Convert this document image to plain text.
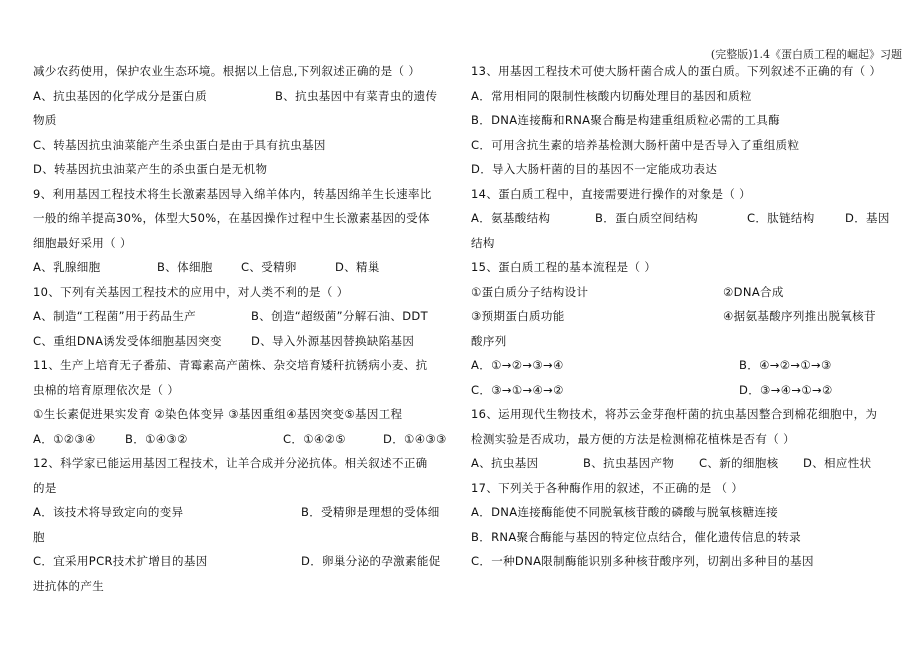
(完整版)1.4《蛋白质工程的崛起》习题
减少农药使用，保护农业生态环境。根据以上信息,下列叙述正确的是（ ）
A、抗虫基因的化学成分是蛋白质	B、抗虫基因中有菜青虫的遗传
物质
C、转基因抗虫油菜能产生杀虫蛋白是由于具有抗虫基因
D、转基因抗虫油菜产生的杀虫蛋白是无机物
9、利用基因工程技术将生长激素基因导入绵羊体内，转基因绵羊生长速率比
一般的绵羊提高30%，体型大50%，在基因操作过程中生长激素基因的受体
细胞最好采用（ ）
A、乳腺细胞	B、体细胞	C、受精卵	D、精巢
10、下列有关基因工程技术的应用中，对人类不利的是（ ）
A、制造“工程菌”用于药品生产	B、创造“超级菌”分解石油、DDT
C、重组DNA诱发受体细胞基因突变	D、导入外源基因替换缺陷基因
11、生产上培育无子番茄、青霉素高产菌株、杂交培育矮秆抗锈病小麦、抗
虫棉的培育原理依次是（ ）
①生长素促进果实发育 ②染色体变异 ③基因重组④基因突变⑤基因工程
A．①②③④	B．①④③②	C．①④②⑤	D．①④③③
12、科学家已能运用基因工程技术，让羊合成并分泌抗体。相关叙述不正确
的是
A．该技术将导致定向的变异	B．受精卵是理想的受体细
胞
C．宜采用PCR技术扩增目的基因	D．卵巢分泌的孕激素能促
进抗体的产生
13、用基因工程技术可使大肠杆菌合成人的蛋白质。下列叙述不正确的有（ ）
A．常用相同的限制性核酸内切酶处理目的基因和质粒
B．DNA连接酶和RNA聚合酶是构建重组质粒必需的工具酶
C．可用含抗生素的培养基检测大肠杆菌中是否导入了重组质粒
D．导入大肠杆菌的目的基因不一定能成功表达
14、蛋白质工程中，直接需要进行操作的对象是（ ）
A．氨基酸结构	B．蛋白质空间结构	C．肽链结构	D．基因
结构
15、蛋白质工程的基本流程是（ ）
①蛋白质分子结构设计	②DNA合成
③预期蛋白质功能	④据氨基酸序列推出脱氧核苷
酸序列
A．①→②→③→④	B．④→②→①→③
C．③→①→④→②	D．③→④→①→②
16、运用现代生物技术，将苏云金芽孢杆菌的抗虫基因整合到棉花细胞中，为
检测实验是否成功，最方便的方法是检测棉花植株是否有（ ）
A、抗虫基因	B、抗虫基因产物	C、新的细胞核	D、相应性状
17、下列关于各种酶作用的叙述，不正确的是 （ ）
A．DNA连接酶能使不同脱氧核苷酸的磷酸与脱氧核糖连接
B．RNA聚合酶能与基因的特定位点结合，催化遗传信息的转录
C．一种DNA限制酶能识别多种核苷酸序列，切割出多种目的基因
